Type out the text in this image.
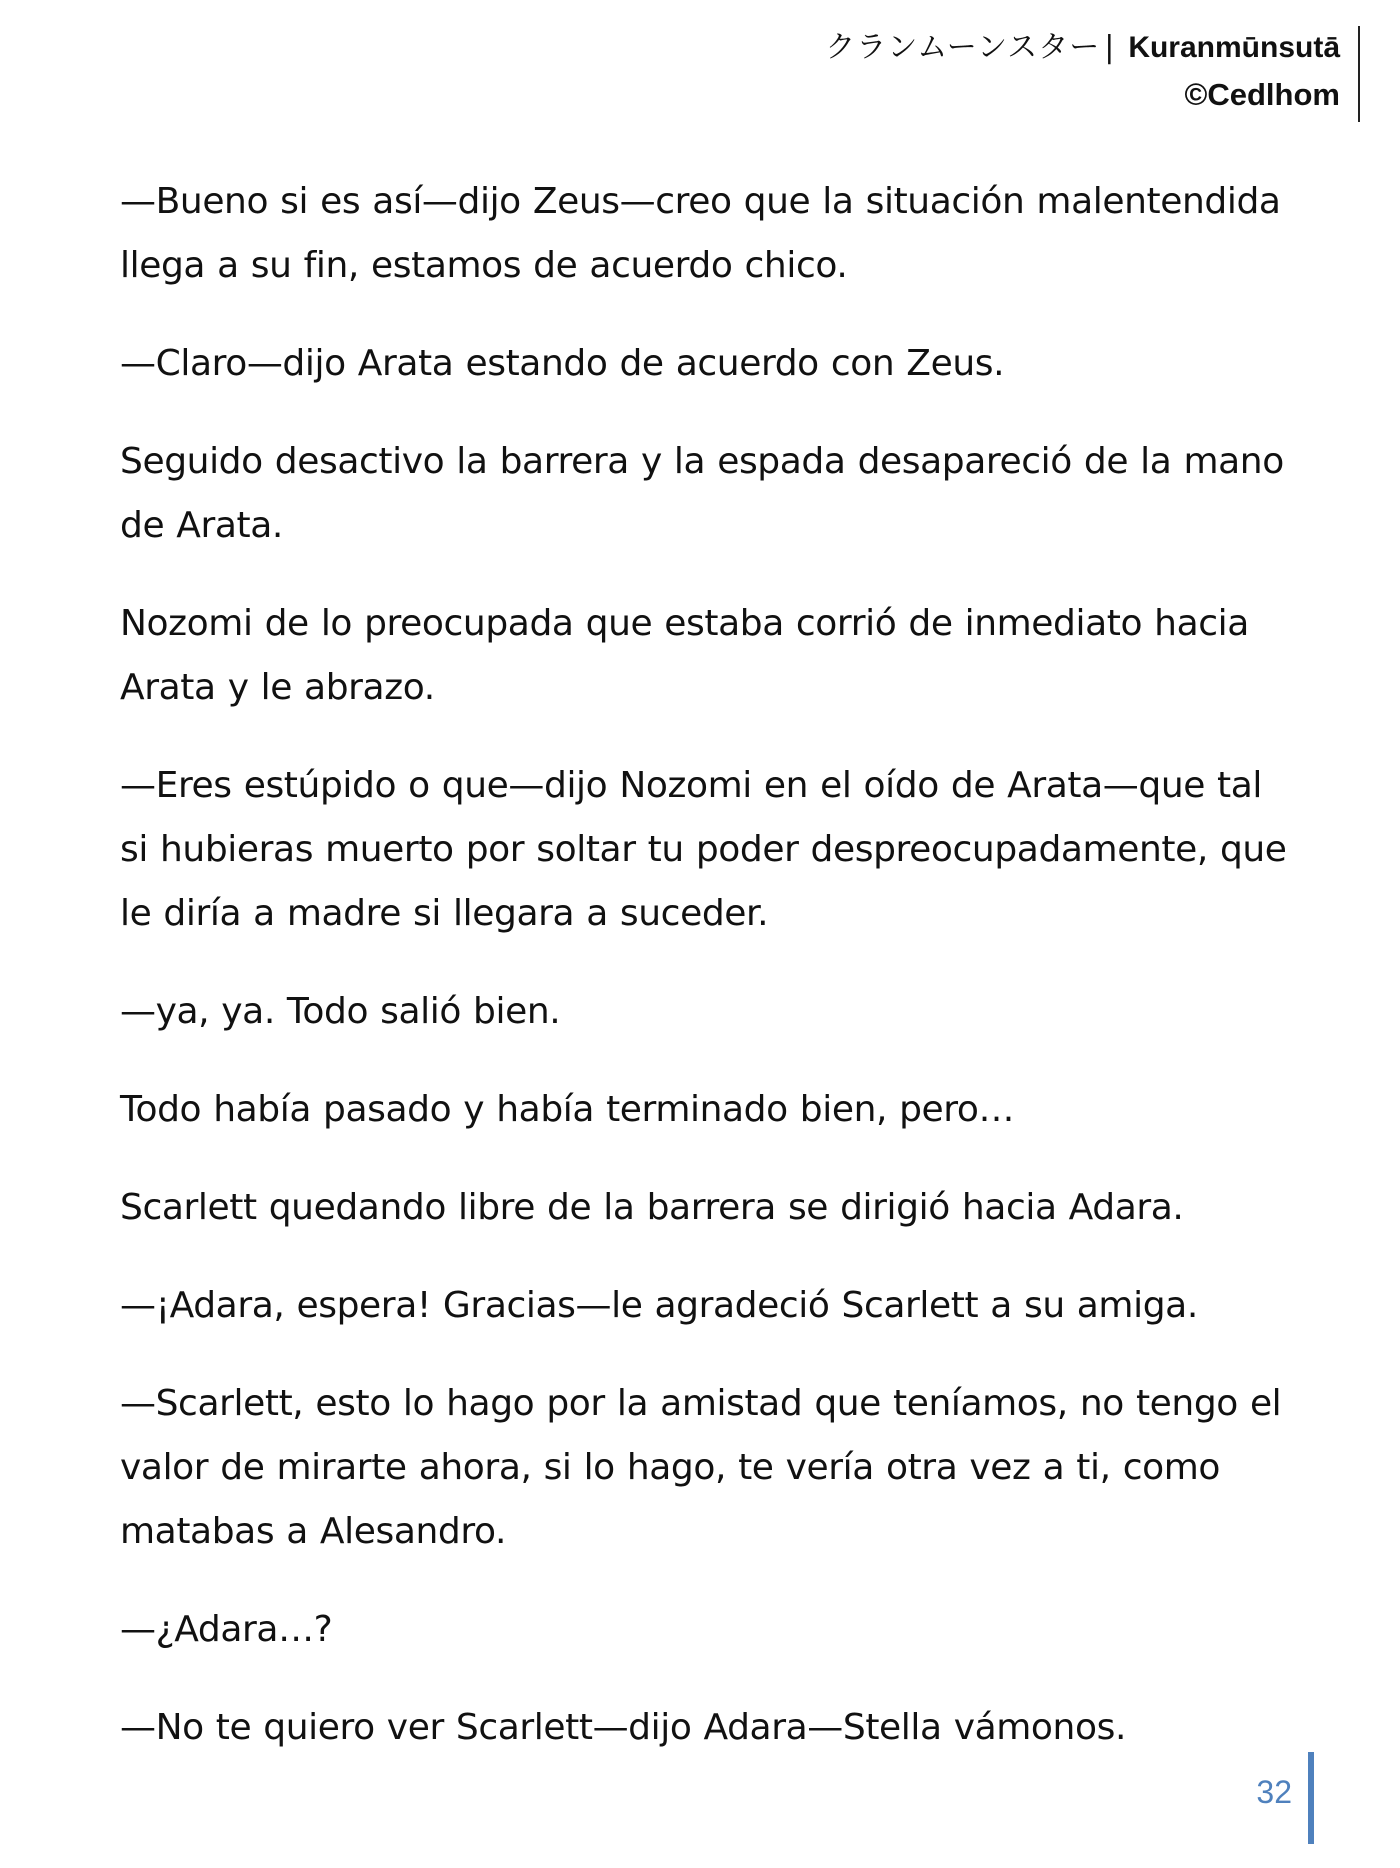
クランムーンスター | Kuranmūnsutā
©Cedlhom

—Bueno si es así—dijo Zeus—creo que la situación malentendida llega a su fin, estamos de acuerdo chico.

—Claro—dijo Arata estando de acuerdo con Zeus.

Seguido desactivo la barrera y la espada desapareció de la mano de Arata.

Nozomi de lo preocupada que estaba corrió de inmediato hacia Arata y le abrazo.

—Eres estúpido o que—dijo Nozomi en el oído de Arata—que tal si hubieras muerto por soltar tu poder despreocupadamente, que le diría a madre si llegara a suceder.

—ya, ya. Todo salió bien.

Todo había pasado y había terminado bien, pero…

Scarlett quedando libre de la barrera se dirigió hacia Adara.

—¡Adara, espera! Gracias—le agradeció Scarlett a su amiga.

—Scarlett, esto lo hago por la amistad que teníamos, no tengo el valor de mirarte ahora, si lo hago, te vería otra vez a ti, como matabas a Alesandro.

—¿Adara…?

—No te quiero ver Scarlett—dijo Adara—Stella vámonos.

32
